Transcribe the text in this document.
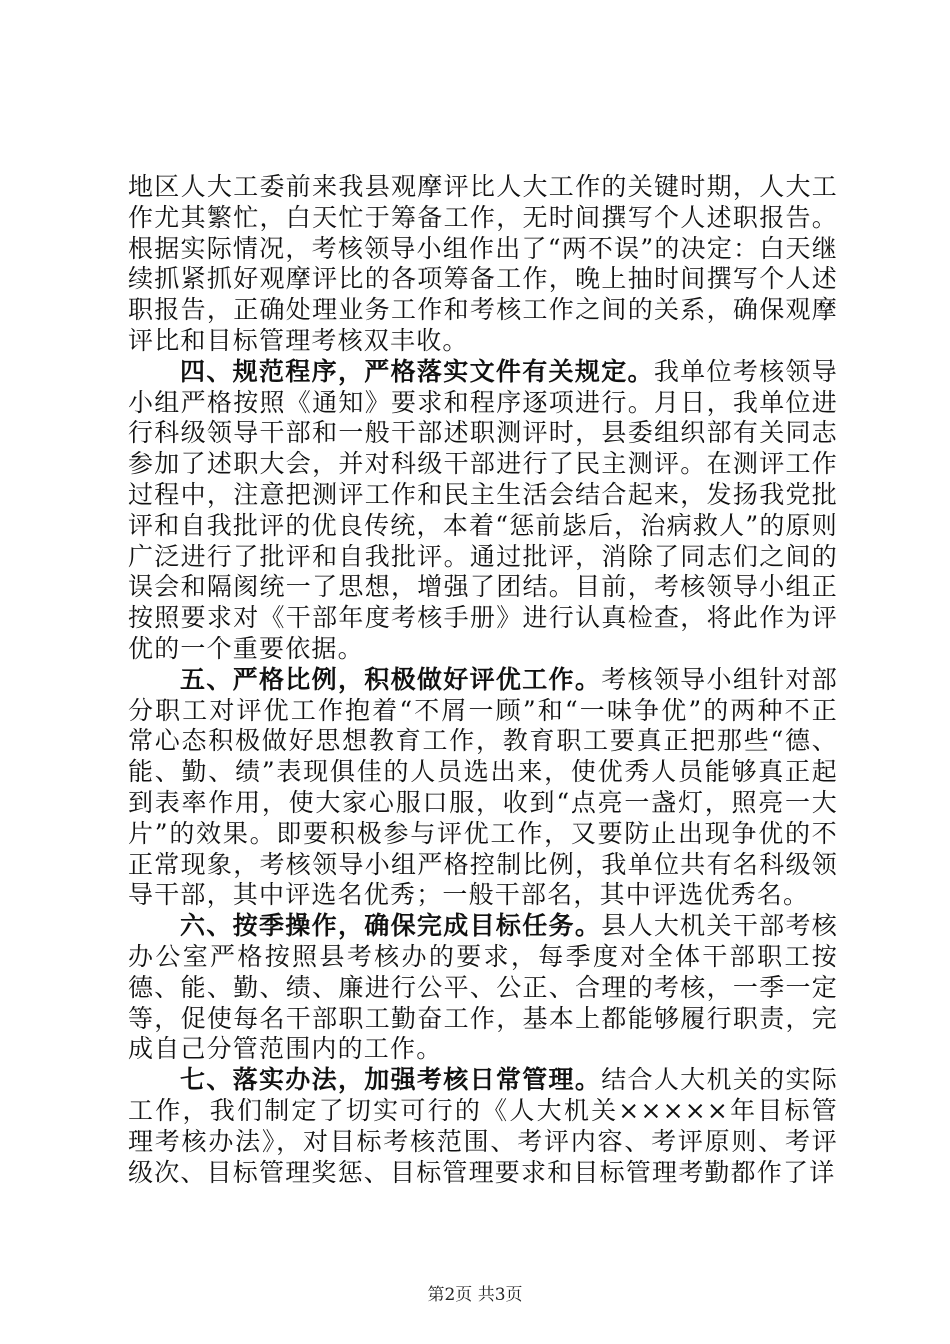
地区人大工委前来我县观摩评比人大工作的关键时期，人大工作尤其繁忙，白天忙于筹备工作，无时间撰写个人述职报告。根据实际情况，考核领导小组作出了“两不误”的决定：白天继续抓紧抓好观摩评比的各项筹备工作，晚上抽时间撰写个人述职报告，正确处理业务工作和考核工作之间的关系，确保观摩评比和目标管理考核双丰收。

四、规范程序，严格落实文件有关规定。我单位考核领导小组严格按照《通知》要求和程序逐项进行。月日，我单位进行科级领导干部和一般干部述职测评时，县委组织部有关同志参加了述职大会，并对科级干部进行了民主测评。在测评工作过程中，注意把测评工作和民主生活会结合起来，发扬我党批评和自我批评的优良传统，本着“惩前毖后，治病救人”的原则广泛进行了批评和自我批评。通过批评，消除了同志们之间的误会和隔阂统一了思想，增强了团结。目前，考核领导小组正按照要求对《干部年度考核手册》进行认真检查，将此作为评优的一个重要依据。

五、严格比例，积极做好评优工作。考核领导小组针对部分职工对评优工作抱着“不屑一顾”和“一味争优”的两种不正常心态积极做好思想教育工作，教育职工要真正把那些“德、能、勤、绩”表现俱佳的人员选出来，使优秀人员能够真正起到表率作用，使大家心服口服，收到“点亮一盏灯，照亮一大片”的效果。即要积极参与评优工作，又要防止出现争优的不正常现象，考核领导小组严格控制比例，我单位共有名科级领导干部，其中评选名优秀；一般干部名，其中评选优秀名。

六、按季操作，确保完成目标任务。县人大机关干部考核办公室严格按照县考核办的要求，每季度对全体干部职工按德、能、勤、绩、廉进行公平、公正、合理的考核，一季一定等，促使每名干部职工勤奋工作，基本上都能够履行职责，完成自己分管范围内的工作。

七、落实办法，加强考核日常管理。结合人大机关的实际工作，我们制定了切实可行的《人大机关×××××年目标管理考核办法》，对目标考核范围、考评内容、考评原则、考评级次、目标管理奖惩、目标管理要求和目标管理考勤都作了详

第2页 共3页
